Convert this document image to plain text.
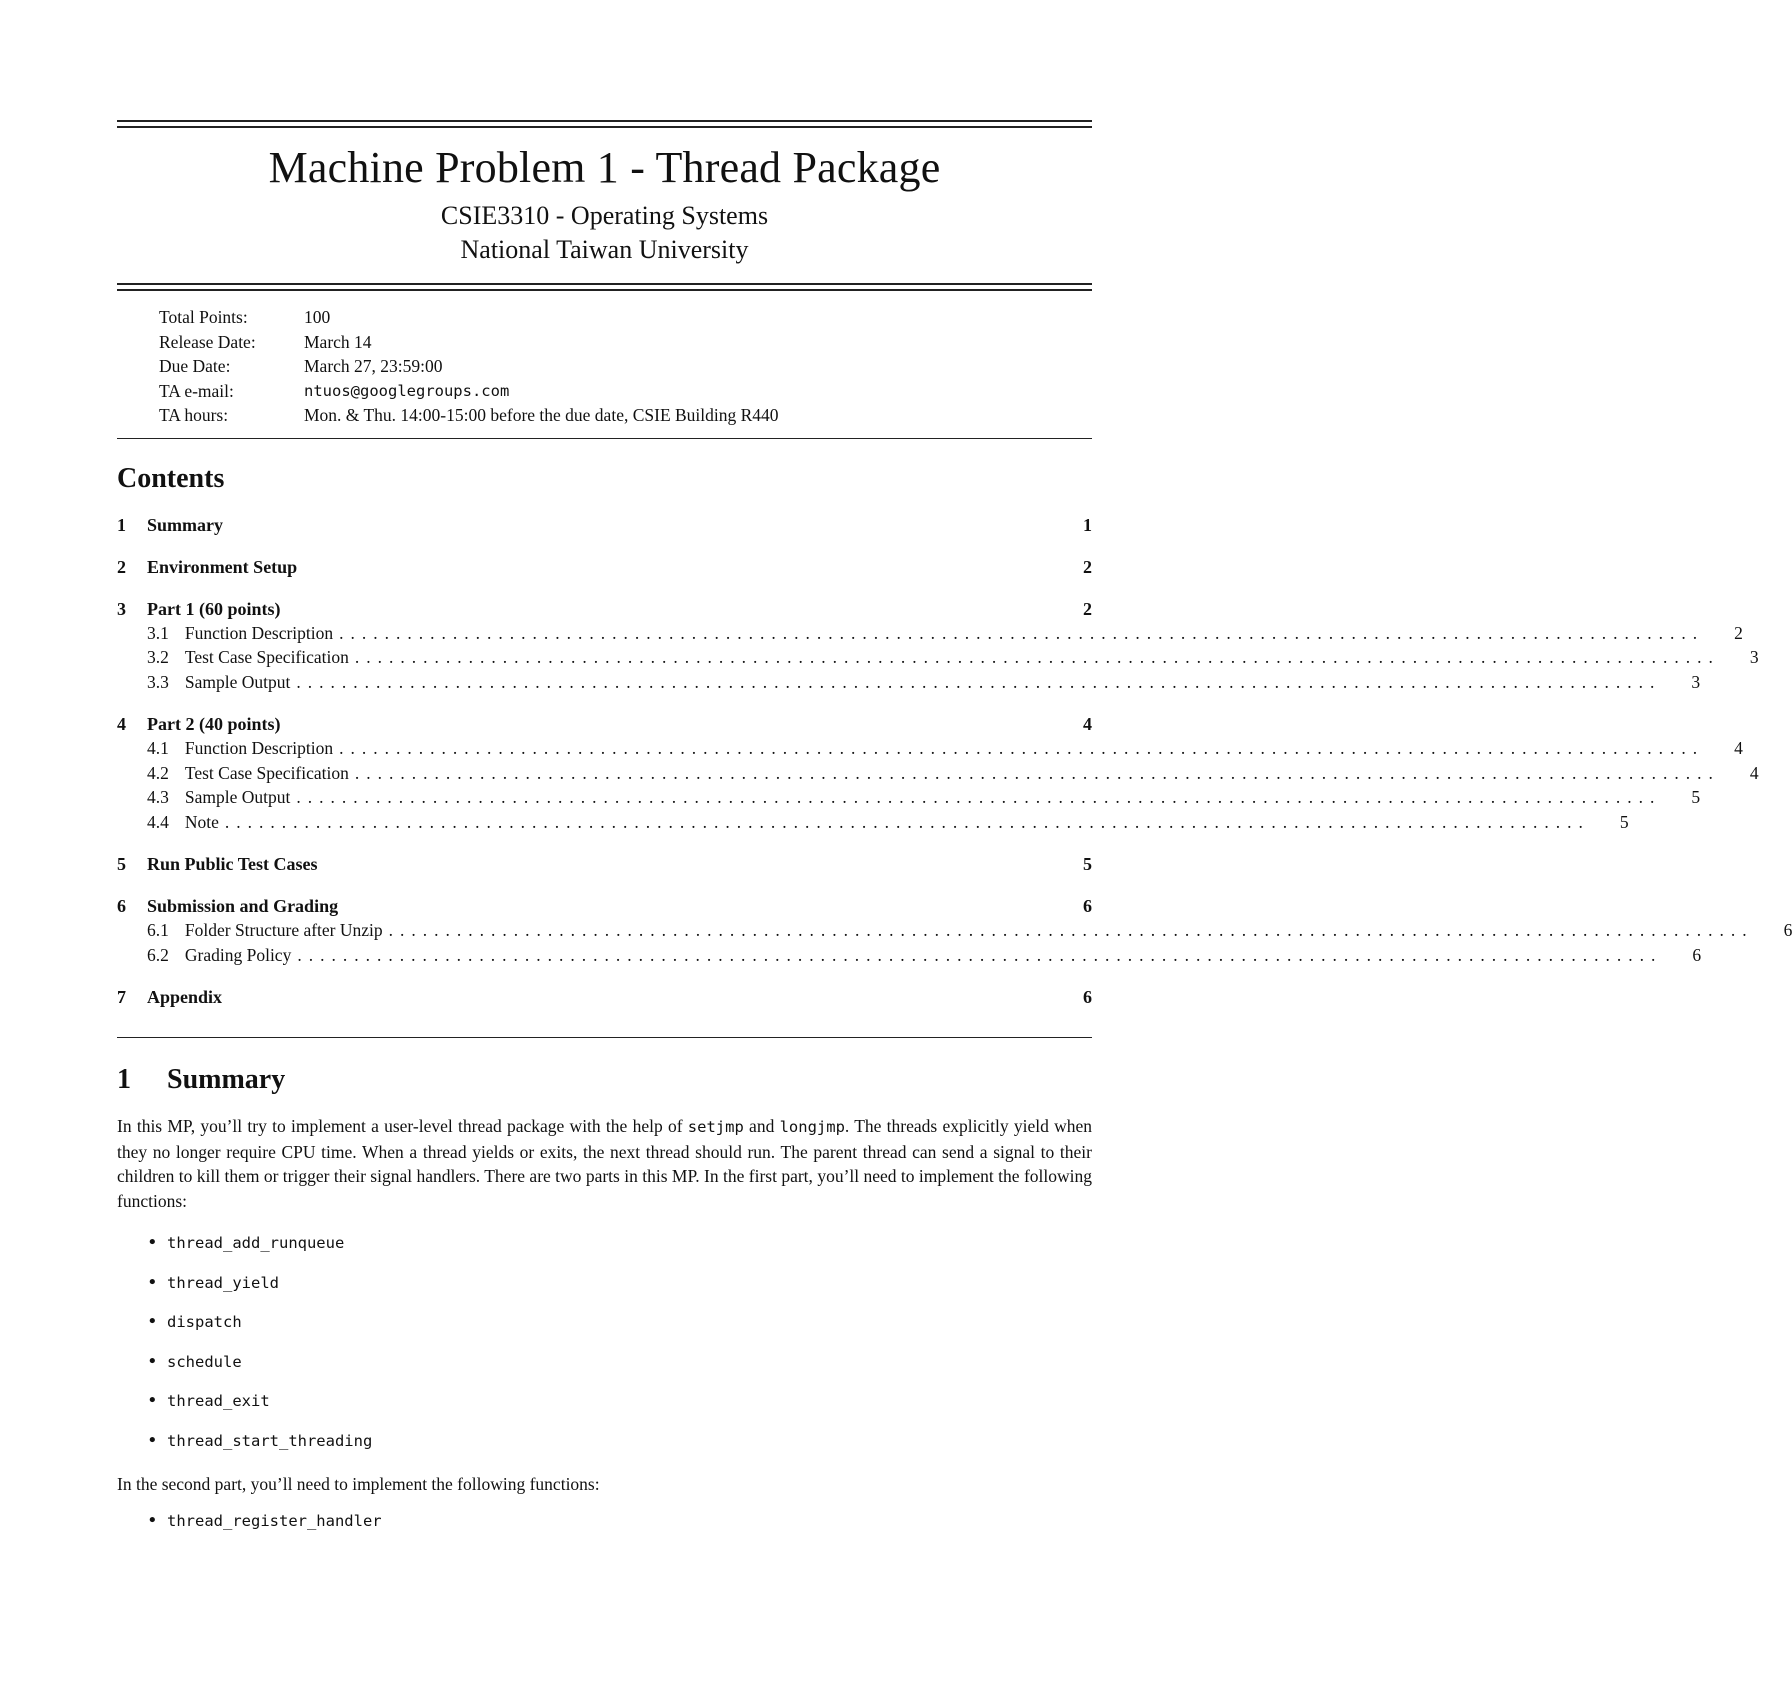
Machine Problem 1 - Thread Package
CSIE3310 - Operating Systems
National Taiwan University
Total Points:	100
Release Date:	March 14
Due Date:	March 27, 23:59:00
TA e-mail:	ntuos@googlegroups.com
TA hours:	Mon. & Thu. 14:00-15:00 before the due date, CSIE Building R440
Contents
1	Summary	1
2	Environment Setup	2
3	Part 1 (60 points)	2
3.1 Function Description ........................................................................................................................ 2
3.2 Test Case Specification ........................................................................................................................ 3
3.3 Sample Output ........................................................................................................................ 3
4	Part 2 (40 points)	4
4.1 Function Description ........................................................................................................................ 4
4.2 Test Case Specification ........................................................................................................................ 4
4.3 Sample Output ........................................................................................................................ 5
4.4 Note ........................................................................................................................ 5
5	Run Public Test Cases	5
6	Submission and Grading	6
6.1 Folder Structure after Unzip ........................................................................................................................ 6
6.2 Grading Policy ........................................................................................................................ 6
7	Appendix	6
1	Summary
In this MP, you’ll try to implement a user-level thread package with the help of setjmp and longjmp. The threads explicitly yield when they no longer require CPU time. When a thread yields or exits, the next thread should run. The parent thread can send a signal to their children to kill them or trigger their signal handlers. There are two parts in this MP. In the first part, you’ll need to implement the following functions:
• thread_add_runqueue
• thread_yield
• dispatch
• schedule
• thread_exit
• thread_start_threading
In the second part, you’ll need to implement the following functions:
• thread_register_handler
